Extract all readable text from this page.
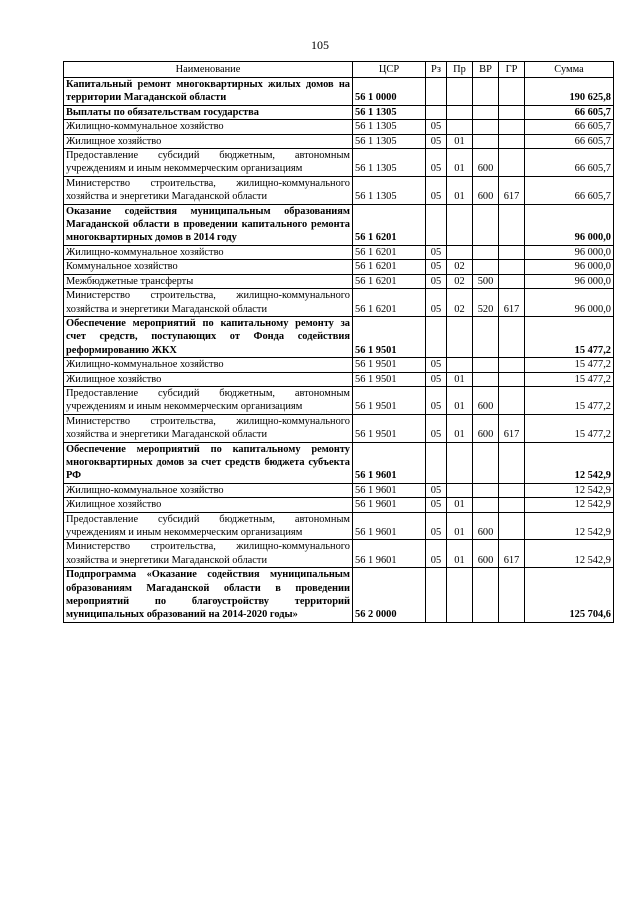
105
Наименование	ЦСР	Рз	Пр	ВР	ГР	Сумма
Капитальный ремонт многоквартирных жилых домов на территории Магаданской области	56 1 0000					190 625,8
Выплаты по обязательствам государства	56 1 1305					66 605,7
Жилищно-коммунальное хозяйство	56 1 1305	05				66 605,7
Жилищное хозяйство	56 1 1305	05	01			66 605,7
Предоставление субсидий бюджетным, автономным учреждениям и иным некоммерческим организациям	56 1 1305	05	01	600		66 605,7
Министерство строительства, жилищно-коммунального хозяйства и энергетики Магаданской области	56 1 1305	05	01	600	617	66 605,7
Оказание содействия муниципальным образованиям Магаданской области в проведении капитального ремонта многоквартирных домов в 2014 году	56 1 6201					96 000,0
Жилищно-коммунальное хозяйство	56 1 6201	05				96 000,0
Коммунальное хозяйство	56 1 6201	05	02			96 000,0
Межбюджетные трансферты	56 1 6201	05	02	500		96 000,0
Министерство строительства, жилищно-коммунального хозяйства и энергетики Магаданской области	56 1 6201	05	02	520	617	96 000,0
Обеспечение мероприятий по капитальному ремонту за счет средств, поступающих от Фонда содействия реформированию ЖКХ	56 1 9501					15 477,2
Жилищно-коммунальное хозяйство	56 1 9501	05				15 477,2
Жилищное хозяйство	56 1 9501	05	01			15 477,2
Предоставление субсидий бюджетным, автономным учреждениям и иным некоммерческим организациям	56 1 9501	05	01	600		15 477,2
Министерство строительства, жилищно-коммунального хозяйства и энергетики Магаданской области	56 1 9501	05	01	600	617	15 477,2
Обеспечение мероприятий по капитальному ремонту многоквартирных домов за счет средств бюджета субъекта РФ	56 1 9601					12 542,9
Жилищно-коммунальное хозяйство	56 1 9601	05				12 542,9
Жилищное хозяйство	56 1 9601	05	01			12 542,9
Предоставление субсидий бюджетным, автономным учреждениям и иным некоммерческим организациям	56 1 9601	05	01	600		12 542,9
Министерство строительства, жилищно-коммунального хозяйства и энергетики Магаданской области	56 1 9601	05	01	600	617	12 542,9
Подпрограмма «Оказание содействия муниципальным образованиям Магаданской области в проведении мероприятий по благоустройству территорий муниципальных образований на 2014-2020 годы»	56 2 0000					125 704,6
